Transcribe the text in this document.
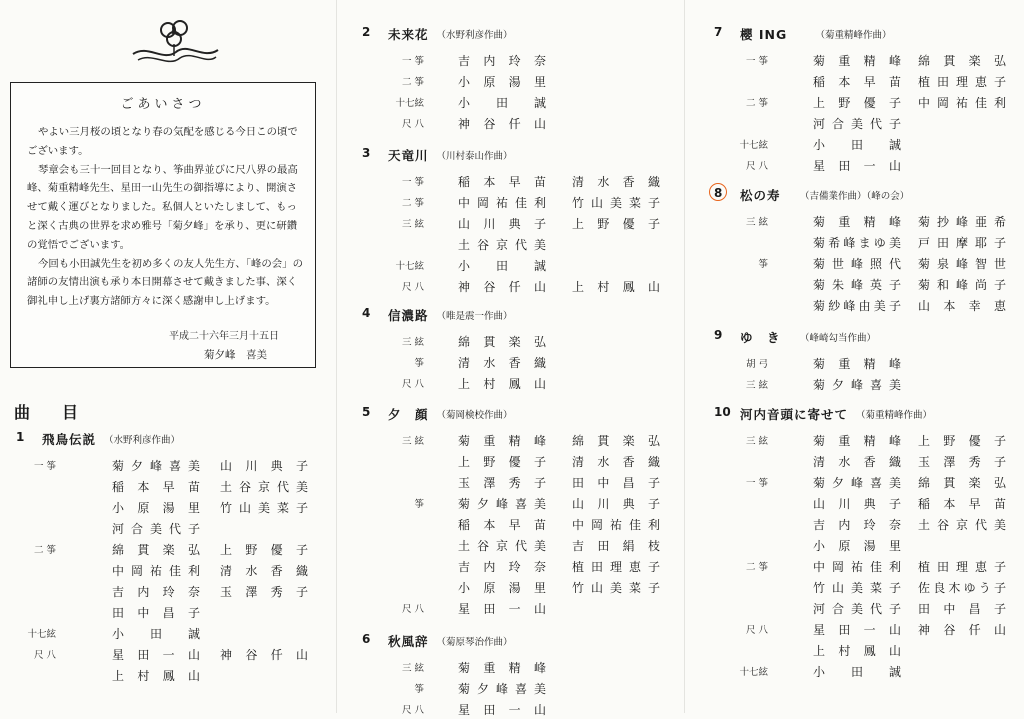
ごあいさつ

やよい三月桜の頃となり春の気配を感じる今日この頃でございます。

琴章会も三十一回目となり、筝曲界並びに尺八界の最高峰、菊重精峰先生、星田一山先生の御指導により、開演させて戴く運びとなりました。私個人といたしまして、もっと深く古典の世界を求め雅号「菊夕峰」を承り、更に研鑽の覚悟でございます。

今回も小田誠先生を初め多くの友人先生方、「峰の会」の諸師の友情出演も承り本日開幕させて戴きました事、深く御礼申し上げ裏方諸師方々に深く感謝申し上げます。

平成二十六年三月十五日
菊夕峰　喜美
曲　目
1 飛鳥伝説 （水野利彦作曲）
一 筝	菊夕峰喜美 山川典子
稲本早苗 土谷京代美
小原湯里 竹山美菜子
河合美代子
二 筝	綿貫楽弘 上野優子
中岡祐佳利 清水香織
吉内玲奈 玉澤秀子
田中昌子
十七絃	小田誠
尺 八	星田一山 神谷仟山
上村鳳山
2 未来花 （水野利彦作曲）
一 筝	吉内玲奈
二 筝	小原湯里
十七絃	小田誠
尺 八	神谷仟山
3 天竜川 （川村泰山作曲）
一 筝	稲本早苗 清水香織
二 筝	中岡祐佳利 竹山美菜子
三 絃	山川典子 上野優子
土谷京代美
十七絃	小田誠
尺 八	神谷仟山 上村鳳山
4 信濃路 （唯是震一作曲）
三 絃	綿貫楽弘
筝	清水香織
尺 八	上村鳳山
5 夕　顔 （菊岡検校作曲）
三 絃	菊重精峰 綿貫楽弘
上野優子 清水香織
玉澤秀子 田中昌子
筝	菊夕峰喜美 山川典子
稲本早苗 中岡祐佳利
土谷京代美 吉田絹枝
吉内玲奈 植田理恵子
小原湯里 竹山美菜子
尺 八	星田一山
6 秋風辞 （菊原琴治作曲）
三 絃	菊重精峰
筝	菊夕峰喜美
尺 八	星田一山
7 櫻 ING	（菊重精峰作曲）
一 筝	菊重精峰 綿貫楽弘
稲本早苗 植田理恵子
二 筝	上野優子 中岡祐佳利
河合美代子
十七絃	小田誠
尺 八	星田一山
8 松の寿 （吉備業作曲）（峰の会）
三 絃	菊重精峰 菊抄峰亜希
菊希峰まゆ美 戸田摩耶子
筝	菊世峰照代 菊泉峰智世
菊朱峰英子 菊和峰尚子
菊紗峰由美子 山本幸恵
9 ゆ　き （峰崎勾当作曲）
胡 弓	菊重精峰
三 絃	菊夕峰喜美
10 河内音頭に寄せて （菊重精峰作曲）
三 絃	菊重精峰 上野優子
清水香織 玉澤秀子
一 筝	菊夕峰喜美 綿貫楽弘
山川典子 稲本早苗
吉内玲奈 土谷京代美
小原湯里
二 筝	中岡祐佳利 植田理恵子
竹山美菜子 佐良木ゆう子
河合美代子 田中昌子
尺 八	星田一山 神谷仟山
上村鳳山
十七絃	小田誠
